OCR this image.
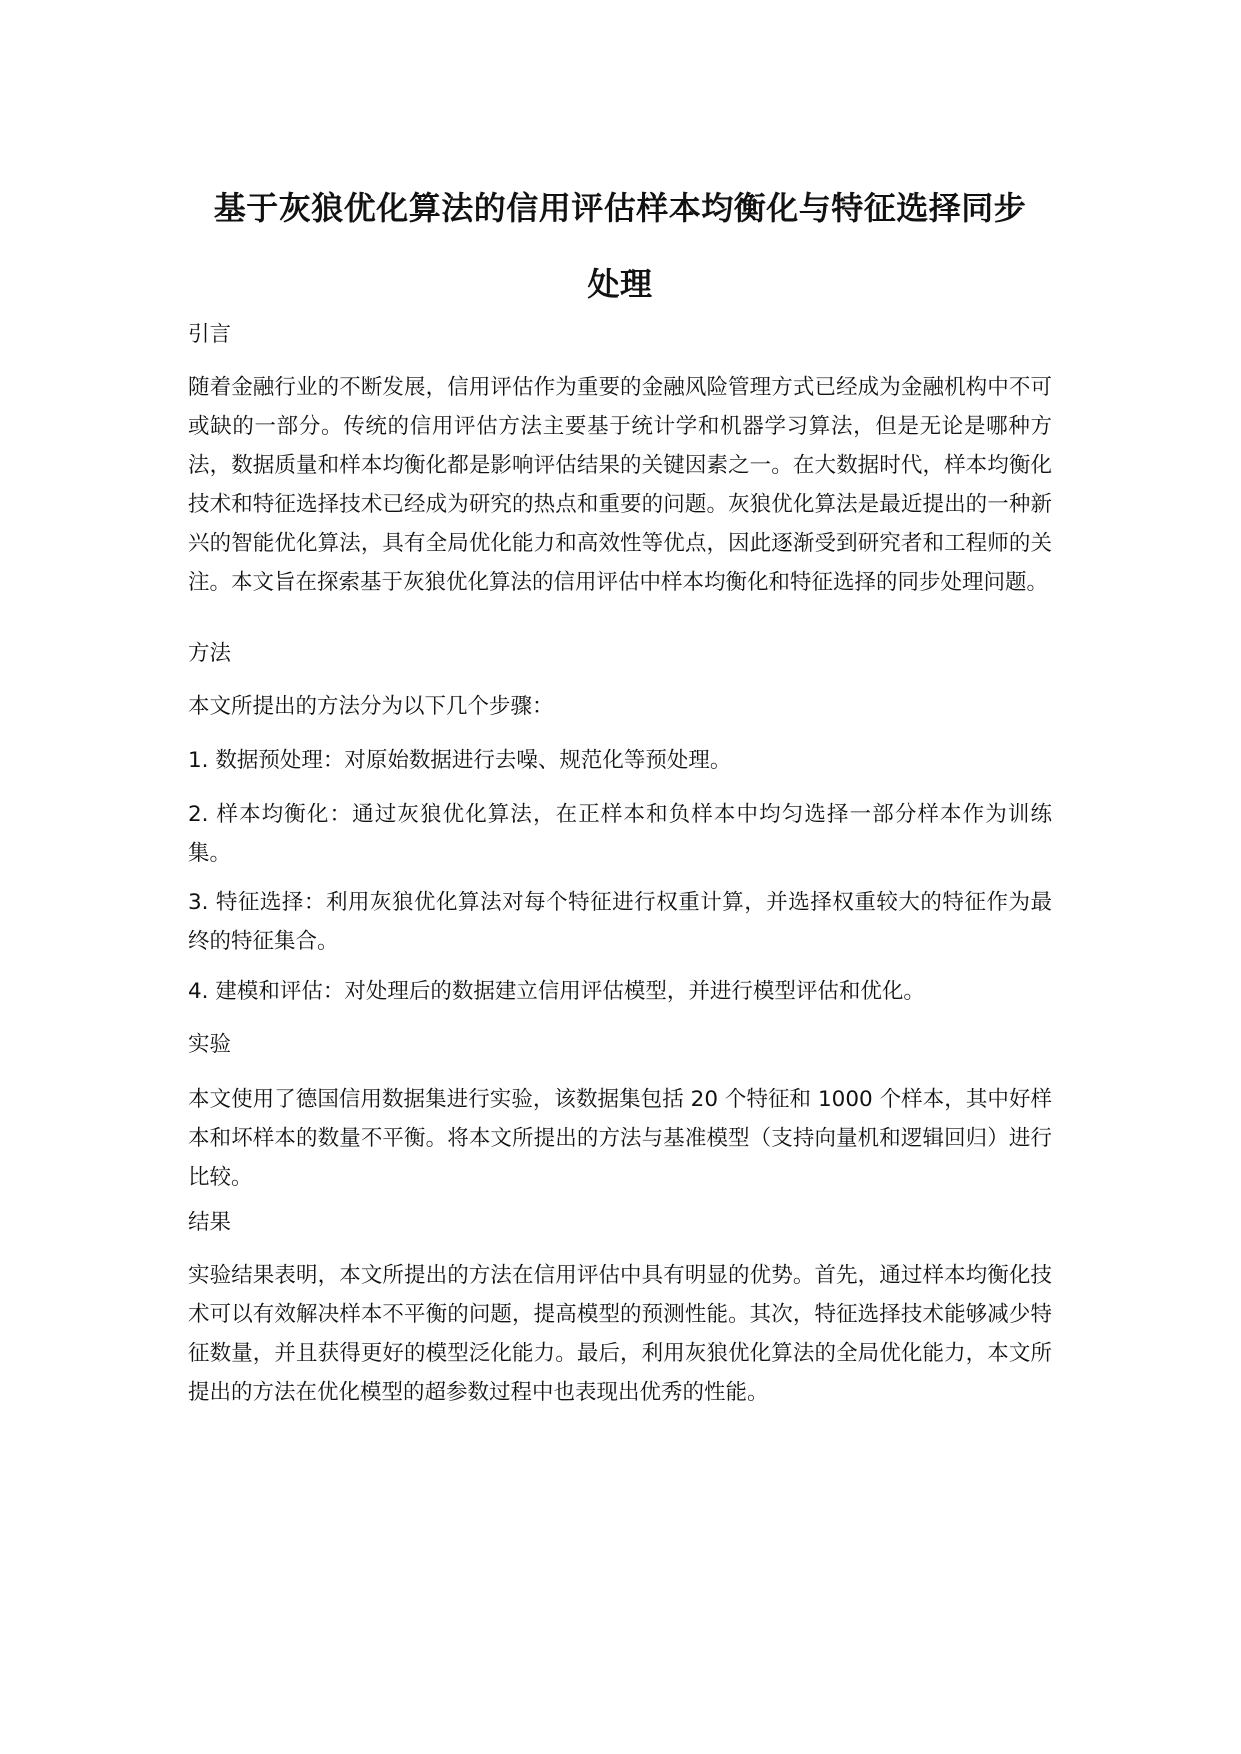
基于灰狼优化算法的信用评估样本均衡化与特征选择同步
处理

引言

随着金融行业的不断发展，信用评估作为重要的金融风险管理方式已经成为金融机构中不可或缺的一部分。传统的信用评估方法主要基于统计学和机器学习算法，但是无论是哪种方法，数据质量和样本均衡化都是影响评估结果的关键因素之一。在大数据时代，样本均衡化技术和特征选择技术已经成为研究的热点和重要的问题。灰狼优化算法是最近提出的一种新兴的智能优化算法，具有全局优化能力和高效性等优点，因此逐渐受到研究者和工程师的关注。本文旨在探索基于灰狼优化算法的信用评估中样本均衡化和特征选择的同步处理问题。

方法

本文所提出的方法分为以下几个步骤：

1. 数据预处理：对原始数据进行去噪、规范化等预处理。

2. 样本均衡化：通过灰狼优化算法，在正样本和负样本中均匀选择一部分样本作为训练集。

3. 特征选择：利用灰狼优化算法对每个特征进行权重计算，并选择权重较大的特征作为最终的特征集合。

4. 建模和评估：对处理后的数据建立信用评估模型，并进行模型评估和优化。

实验

本文使用了德国信用数据集进行实验，该数据集包括 20 个特征和 1000 个样本，其中好样本和坏样本的数量不平衡。将本文所提出的方法与基准模型（支持向量机和逻辑回归）进行比较。

结果

实验结果表明，本文所提出的方法在信用评估中具有明显的优势。首先，通过样本均衡化技术可以有效解决样本不平衡的问题，提高模型的预测性能。其次，特征选择技术能够减少特征数量，并且获得更好的模型泛化能力。最后，利用灰狼优化算法的全局优化能力，本文所提出的方法在优化模型的超参数过程中也表现出优秀的性能。
